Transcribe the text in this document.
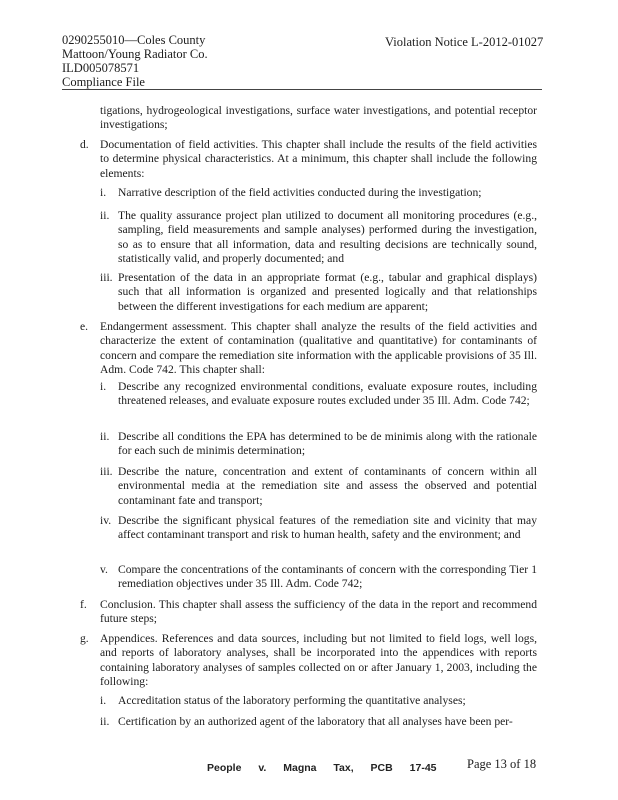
0290255010—Coles County
Mattoon/Young Radiator Co.
ILD005078571
Compliance File
Violation Notice L-2012-01027
tigations, hydrogeological investigations, surface water investigations, and potential receptor investigations;
d. Documentation of field activities. This chapter shall include the results of the field activities to determine physical characteristics. At a minimum, this chapter shall include the following elements:
i. Narrative description of the field activities conducted during the investigation;
ii. The quality assurance project plan utilized to document all monitoring procedures (e.g., sampling, field measurements and sample analyses) performed during the investigation, so as to ensure that all information, data and resulting decisions are technically sound, statistically valid, and properly documented; and
iii. Presentation of the data in an appropriate format (e.g., tabular and graphical displays) such that all information is organized and presented logically and that relationships between the different investigations for each medium are apparent;
e. Endangerment assessment. This chapter shall analyze the results of the field activities and characterize the extent of contamination (qualitative and quantitative) for contaminants of concern and compare the remediation site information with the applicable provisions of 35 Ill. Adm. Code 742. This chapter shall:
i. Describe any recognized environmental conditions, evaluate exposure routes, including threatened releases, and evaluate exposure routes excluded under 35 Ill. Adm. Code 742;
ii. Describe all conditions the EPA has determined to be de minimis along with the rationale for each such de minimis determination;
iii. Describe the nature, concentration and extent of contaminants of concern within all environmental media at the remediation site and assess the observed and potential contaminant fate and transport;
iv. Describe the significant physical features of the remediation site and vicinity that may affect contaminant transport and risk to human health, safety and the environment; and
v. Compare the concentrations of the contaminants of concern with the corresponding Tier 1 remediation objectives under 35 Ill. Adm. Code 742;
f. Conclusion. This chapter shall assess the sufficiency of the data in the report and recommend future steps;
g. Appendices. References and data sources, including but not limited to field logs, well logs, and reports of laboratory analyses, shall be incorporated into the appendices with reports containing laboratory analyses of samples collected on or after January 1, 2003, including the following:
i. Accreditation status of the laboratory performing the quantitative analyses;
ii. Certification by an authorized agent of the laboratory that all analyses have been per-
People v. Magna Tax, PCB 17-45 Page 13 of 18
